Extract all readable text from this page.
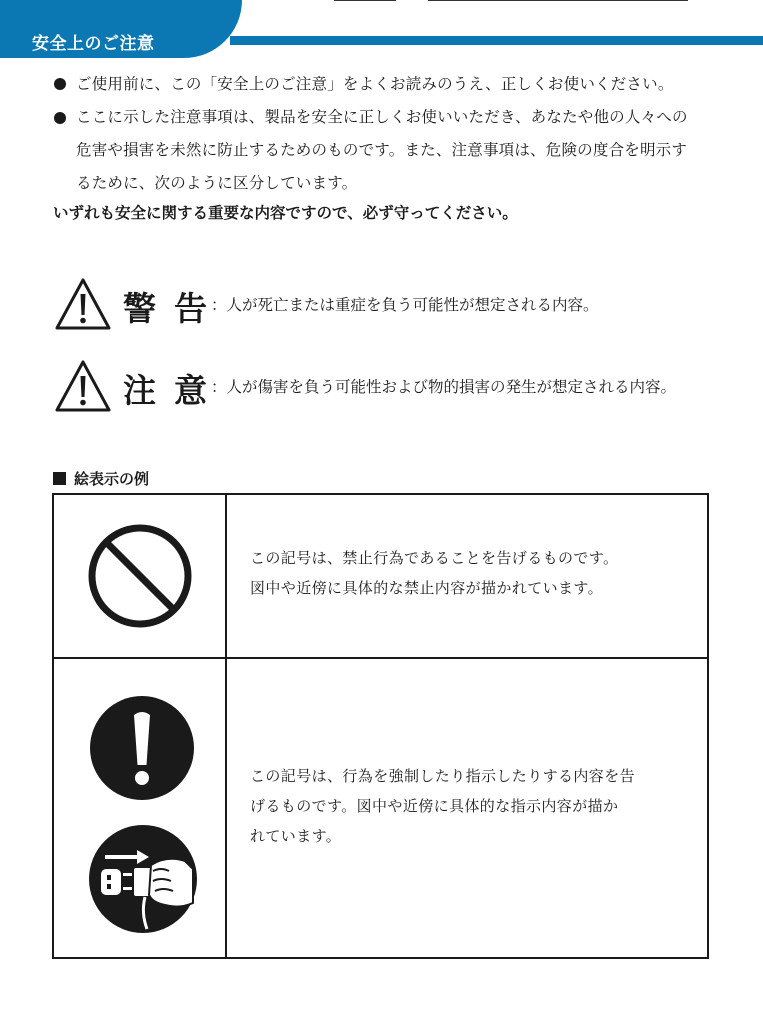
安全上のご注意
ご使用前に、この「安全上のご注意」をよくお読みのうえ、正しくお使いください。
ここに示した注意事項は、製品を安全に正しくお使いいただき、あなたや他の人々への
危害や損害を未然に防止するためのものです。また、注意事項は、危険の度合を明示す
るために、次のように区分しています。
いずれも安全に関する重要な内容ですので、必ず守ってください。
警告
：人が死亡または重症を負う可能性が想定される内容。
注意
：人が傷害を負う可能性および物的損害の発生が想定される内容。
絵表示の例
この記号は、禁止行為であることを告げるものです。
図中や近傍に具体的な禁止内容が描かれています。
この記号は、行為を強制したり指示したりする内容を告
げるものです。図中や近傍に具体的な指示内容が描か
れています。
